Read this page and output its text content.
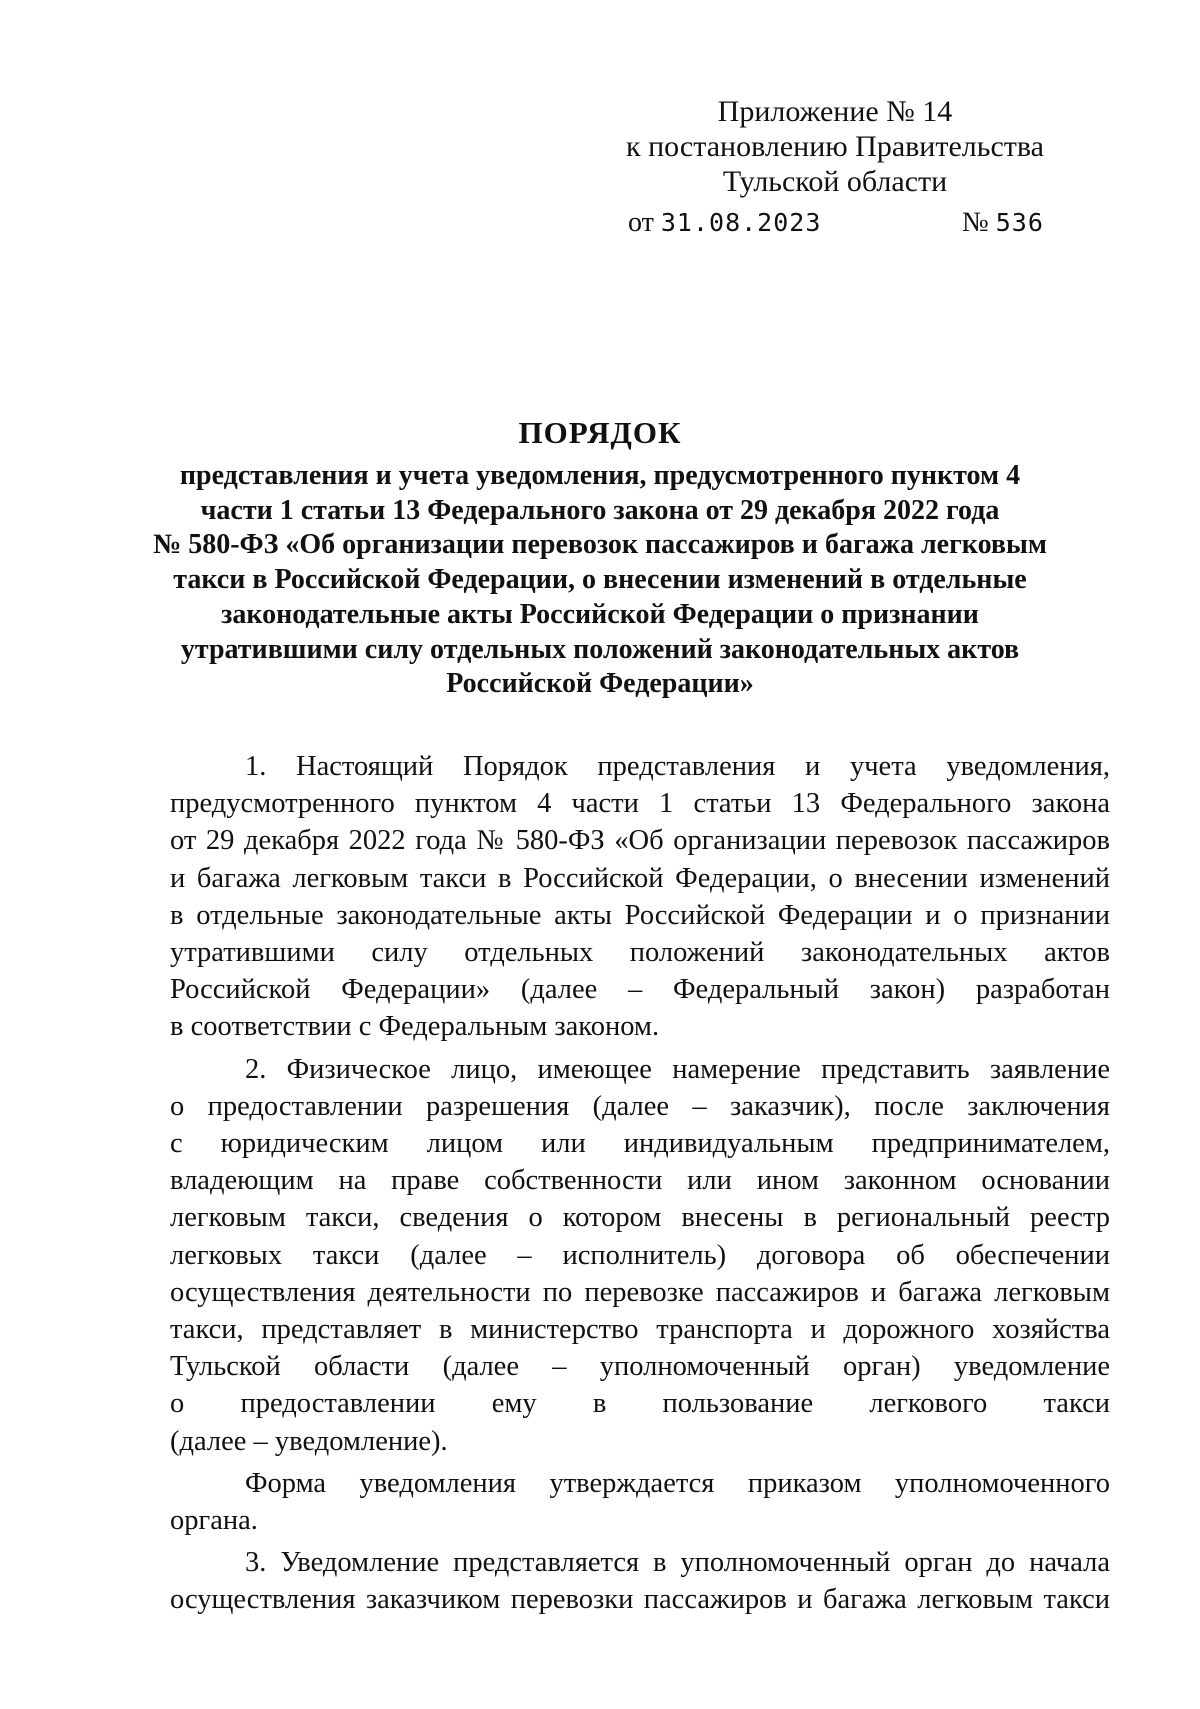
Приложение № 14
к постановлению Правительства
Тульской области
от 31.08.2023	№ 536
ПОРЯДОК
представления и учета уведомления, предусмотренного пунктом 4
части 1 статьи 13 Федерального закона от 29 декабря 2022 года
№ 580-ФЗ «Об организации перевозок пассажиров и багажа легковым
такси в Российской Федерации, о внесении изменений в отдельные
законодательные акты Российской Федерации о признании
утратившими силу отдельных положений законодательных актов
Российской Федерации»
1. Настоящий Порядок представления и учета уведомления,
предусмотренного пунктом 4 части 1 статьи 13 Федерального закона
от 29 декабря 2022 года № 580-ФЗ «Об организации перевозок пассажиров
и багажа легковым такси в Российской Федерации, о внесении изменений
в отдельные законодательные акты Российской Федерации и о признании
утратившими силу отдельных положений законодательных актов
Российской Федерации» (далее – Федеральный закон) разработан
в соответствии с Федеральным законом.
2. Физическое лицо, имеющее намерение представить заявление
о предоставлении разрешения (далее – заказчик), после заключения
с юридическим лицом или индивидуальным предпринимателем,
владеющим на праве собственности или ином законном основании
легковым такси, сведения о котором внесены в региональный реестр
легковых такси (далее – исполнитель) договора об обеспечении
осуществления деятельности по перевозке пассажиров и багажа легковым
такси, представляет в министерство транспорта и дорожного хозяйства
Тульской области (далее – уполномоченный орган) уведомление
о предоставлении ему в пользование легкового такси
(далее – уведомление).
Форма уведомления утверждается приказом уполномоченного
органа.
3. Уведомление представляется в уполномоченный орган до начала
осуществления заказчиком перевозки пассажиров и багажа легковым такси
